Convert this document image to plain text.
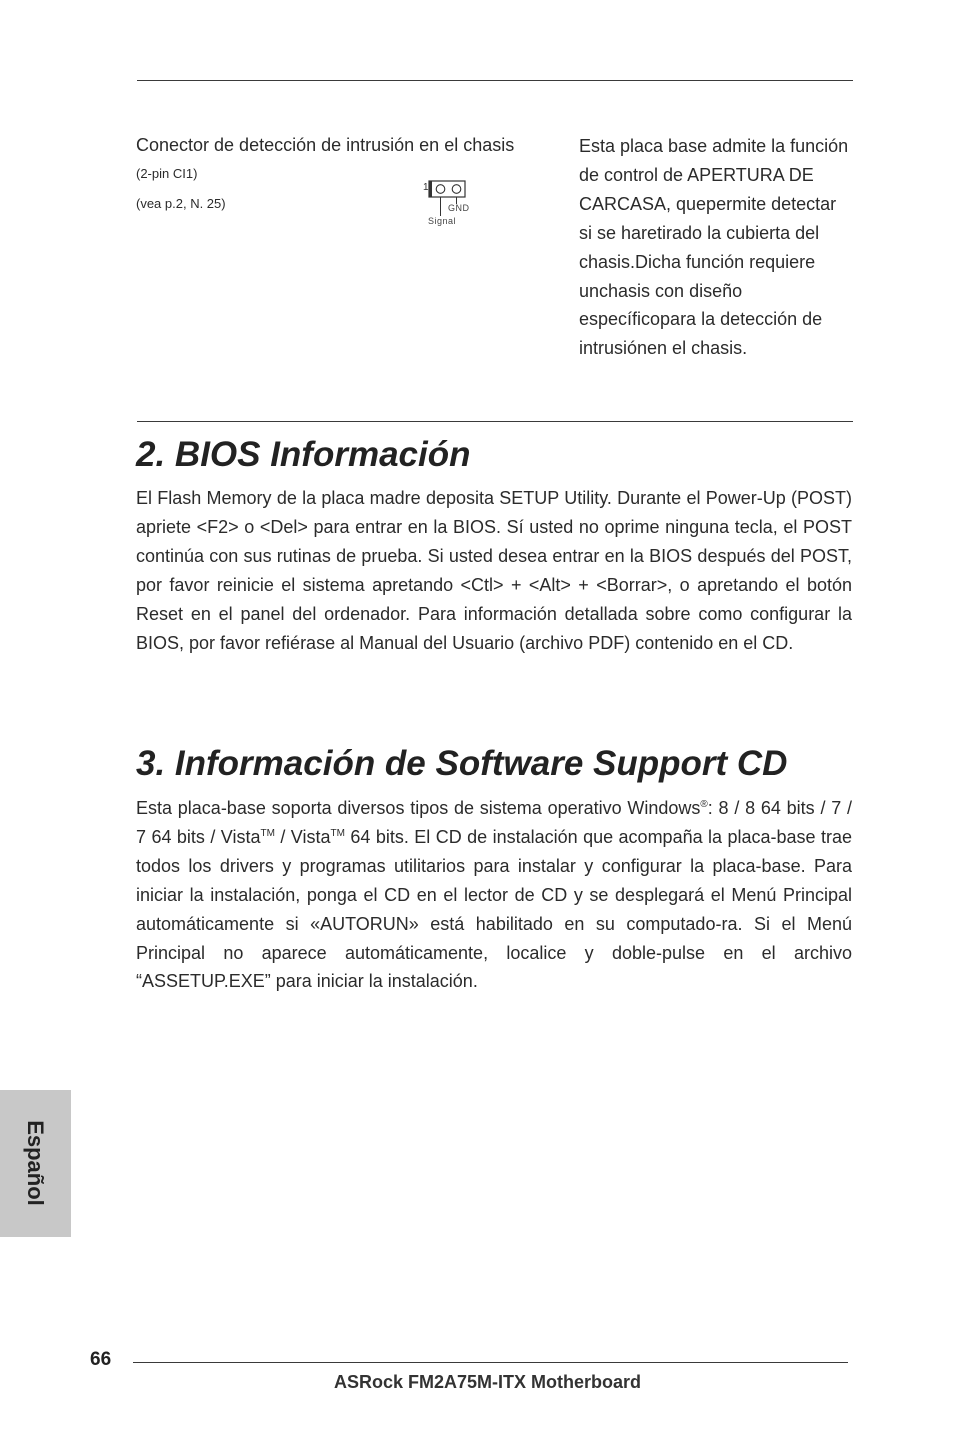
Conector de detección de intrusión en el chasis
(2-pin CI1)
(vea p.2, N. 25)
1
GND
Signal
Esta placa base admite la función de control de APERTURA DE CARCASA, quepermite detectar si se haretirado la cubierta del chasis.Dicha función requiere unchasis con diseño específicopara la detección de intrusiónen el chasis.
2. BIOS Información
El Flash Memory de la placa madre deposita SETUP Utility. Durante el Power-Up (POST) apriete <F2> o <Del> para entrar en la BIOS. Sí usted no oprime ninguna tecla, el POST continúa con sus rutinas de prueba. Si usted desea entrar en la BIOS después del POST, por favor reinicie el sistema apretando <Ctl> + <Alt> + <Borrar>, o apretando el botón Reset en el panel del ordenador. Para información detallada sobre como configurar la BIOS, por favor refiérase al Manual del Usuario (archivo PDF) contenido en el CD.
3. Información de Software Support CD
Esta placa-base soporta diversos tipos de sistema operativo Windows®: 8 / 8 64 bits / 7 / 7 64 bits / Vista™ / Vista™ 64 bits. El CD de instalación que acompaña la placa-base trae todos los drivers y programas utilitarios para instalar y configurar la placa-base. Para iniciar la instalación, ponga el CD en el lector de CD y se desplegará el Menú Principal automáticamente si «AUTORUN» está habilitado en su computado-ra. Si el Menú Principal no aparece automáticamente, localice y doble-pulse en el archivo “ASSETUP.EXE” para iniciar la instalación.
Español
66
ASRock FM2A75M-ITX Motherboard
